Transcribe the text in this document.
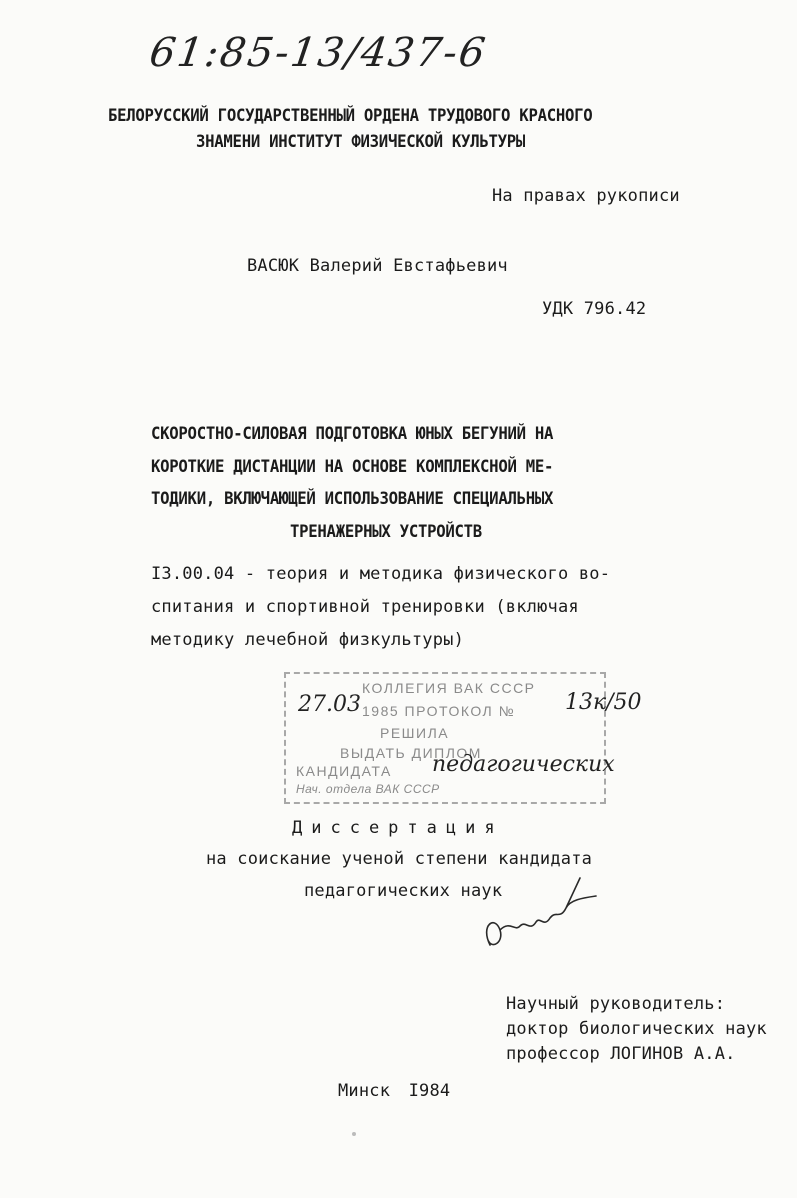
61:85-13/437-6
БЕЛОРУССКИЙ ГОСУДАРСТВЕННЫЙ ОРДЕНА ТРУДОВОГО КРАСНОГО
ЗНАМЕНИ ИНСТИТУТ ФИЗИЧЕСКОЙ КУЛЬТУРЫ
На правах рукописи
ВАСЮК Валерий Евстафьевич
УДК 796.42
СКОРОСТНО-СИЛОВАЯ ПОДГОТОВКА ЮНЫХ БЕГУНИЙ НА
КОРОТКИЕ ДИСТАНЦИИ НА ОСНОВЕ КОМПЛЕКСНОЙ МЕ-
ТОДИКИ, ВКЛЮЧАЮЩЕЙ ИСПОЛЬЗОВАНИЕ СПЕЦИАЛЬНЫХ
ТРЕНАЖЕРНЫХ УСТРОЙСТВ
I3.00.04 - теория и методика физического во-
спитания и спортивной тренировки (включая
методику лечебной физкультуры)
КОЛЛЕГИЯ ВАК СССР
27.03 1985 ПРОТОКОЛ № 13к/50
РЕШИЛА
ВЫДАТЬ ДИПЛОМ
КАНДИДАТА педагогических
Нач. отдела ВАК СССР
Диссертация
на соискание ученой степени кандидата
педагогических наук
Научный руководитель:
доктор биологических наук
профессор ЛОГИНОВ А.А.
Минск I984
